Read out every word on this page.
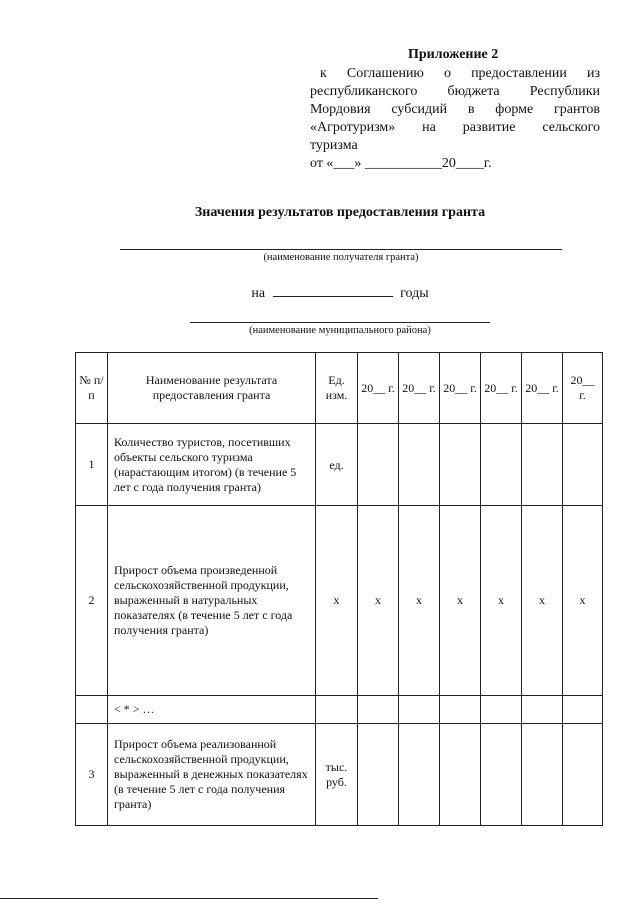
Приложение 2
к Соглашению о предоставлении из
республиканского бюджета Республики
Мордовия субсидий в форме грантов
«Агротуризм» на развитие сельского
туризма
от «___» ___________20____г.
Значения результатов предоставления гранта
(наименование получателя гранта)
на	годы
(наименование муниципального района)
№ п/п	Наименование результата предоставления гранта	Ед. изм.	20__ г.	20__ г.	20__ г.	20__ г.	20__ г.	20__ г.
1	Количество туристов, посетивших объекты сельского туризма (нарастающим итогом) (в течение 5 лет с года получения гранта)	ед.						
2	Прирост объема произведенной сельскохозяйственной продукции, выраженный в натуральных показателях (в течение 5 лет с года получения гранта)	х	х	х	х	х	х	х
	< * > …							
3	Прирост объема реализованной сельскохозяйственной продукции, выраженный в денежных показателях (в течение 5 лет с года получения гранта)	тыс. руб.						
